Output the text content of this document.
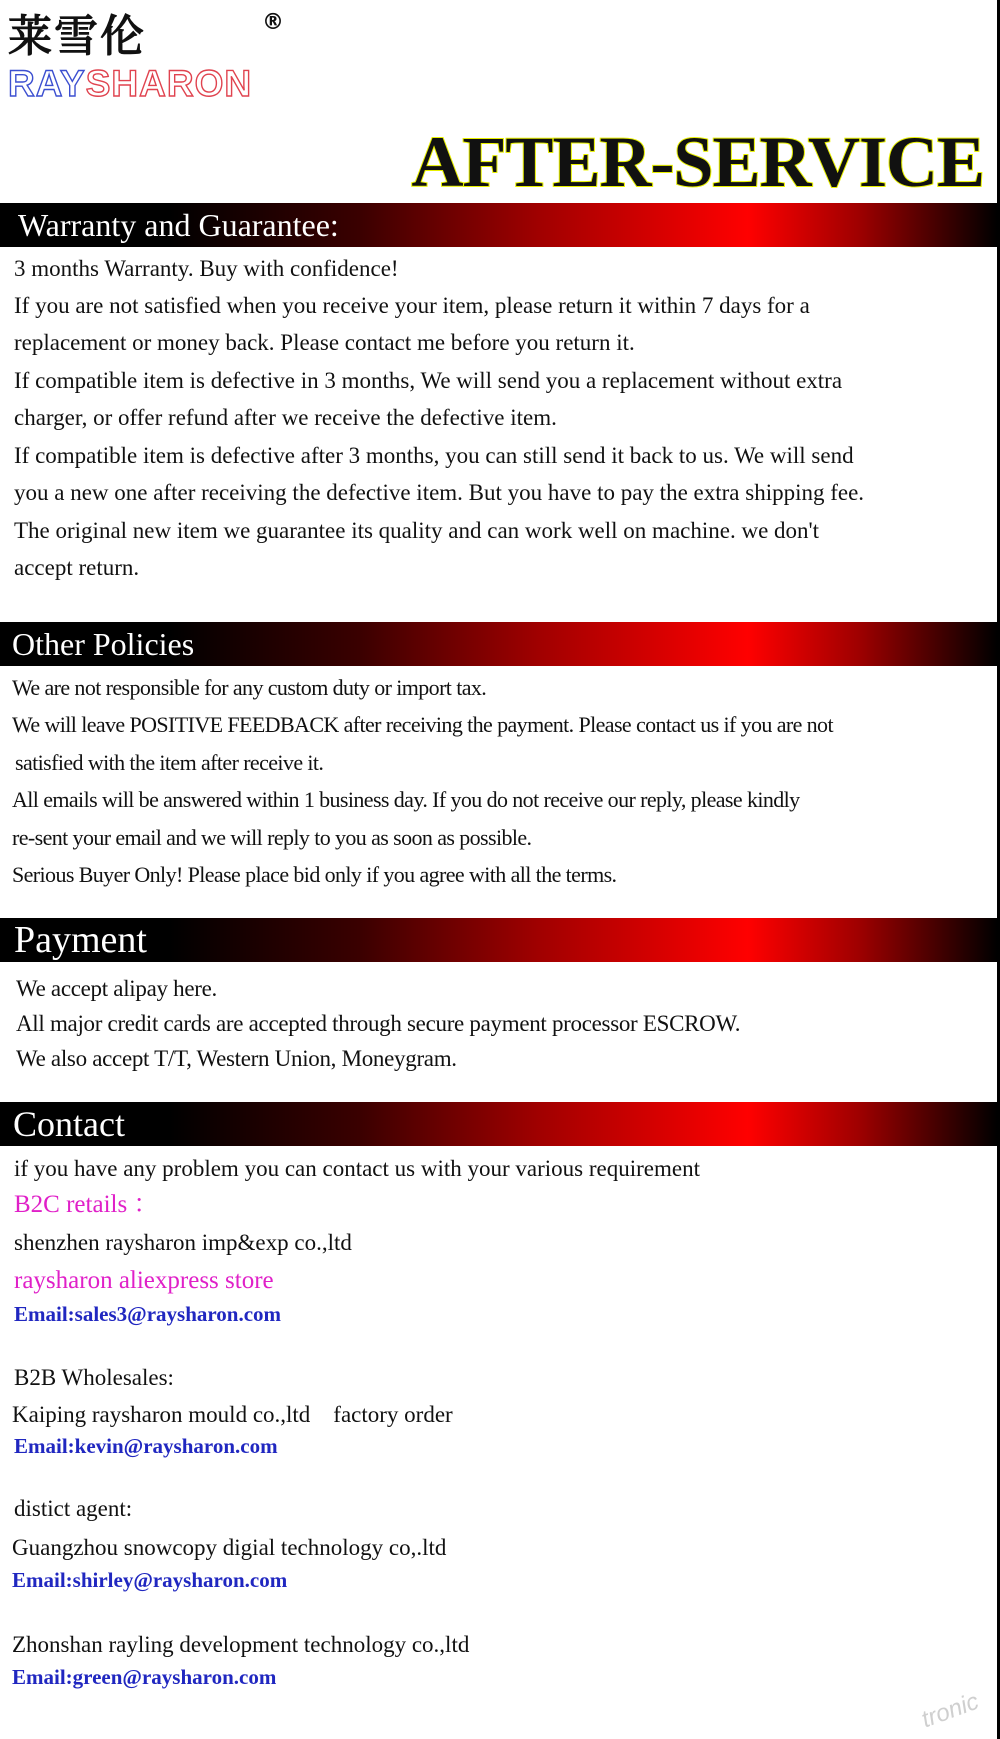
莱雪伦	®
RAYSHARON
AFTER-SERVICE
Warranty and Guarantee:
3 months Warranty. Buy with confidence!
If you are not satisfied when you receive your item, please return it within 7 days for a
replacement or money back. Please contact me before you return it.
If compatible item is defective in 3 months, We will send you a replacement without extra
charger, or offer refund after we receive the defective item.
If compatible item is defective after 3 months, you can still send it back to us. We will send
you a new one after receiving the defective item. But you have to pay the extra shipping fee.
The original new item we guarantee its quality and can work well on machine. we don't
accept return.
Other Policies
We are not responsible for any custom duty or import tax.
We will leave POSITIVE FEEDBACK after receiving the payment. Please contact us if you are not
satisfied with the item after receive it.
All emails will be answered within 1 business day. If you do not receive our reply, please kindly
re-sent your email and we will reply to you as soon as possible.
Serious Buyer Only! Please place bid only if you agree with all the terms.
Payment
We accept alipay here.
All major credit cards are accepted through secure payment processor ESCROW.
We also accept T/T, Western Union, Moneygram.
Contact
if you have any problem you can contact us with your various requirement
B2C retails ：
shenzhen raysharon imp&exp co.,ltd
raysharon aliexpress store
Email:sales3@raysharon.com
B2B Wholesales:
Kaiping raysharon mould co.,ltd    factory order
Email:kevin@raysharon.com
distict agent:
Guangzhou snowcopy digial technology co,.ltd
Email:shirley@raysharon.com
Zhonshan rayling development technology co.,ltd
Email:green@raysharon.com
tronic
